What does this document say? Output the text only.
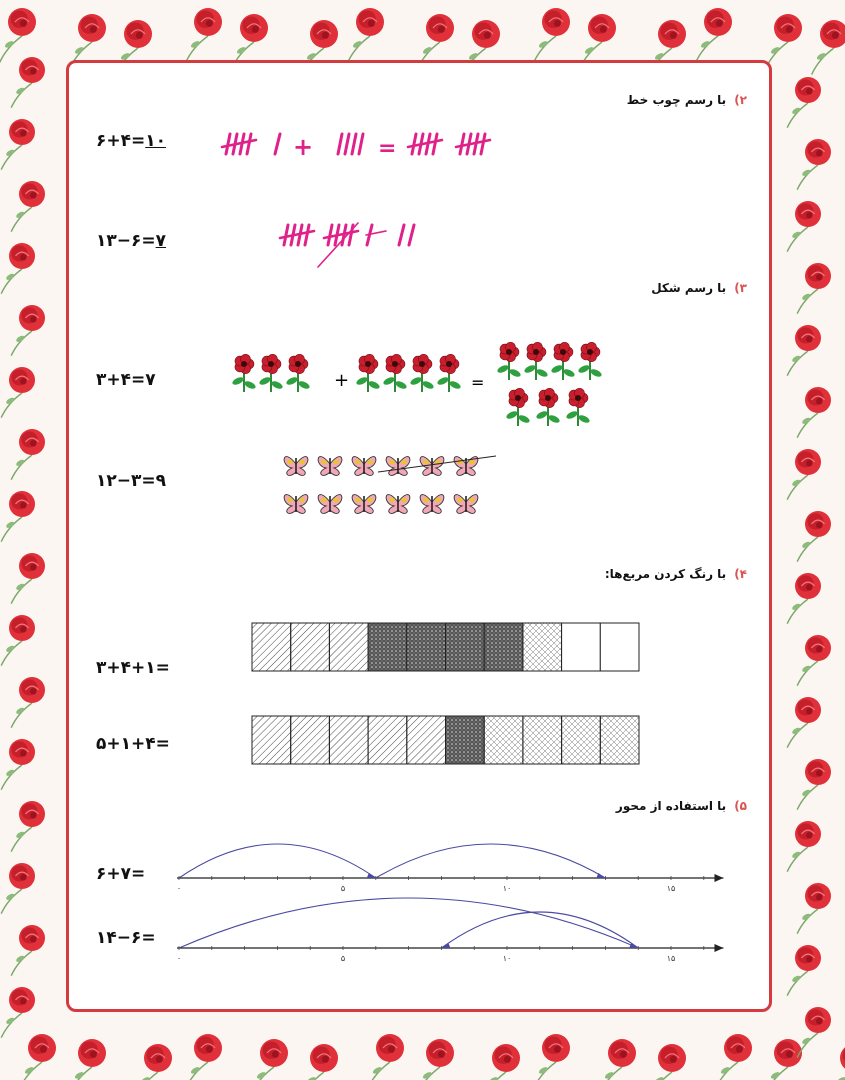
۲)با رسم چوب خط
۶+۴=۱۰	+	=
۱۳−۶=۷
۳)با رسم شکل
۳+۴=۷	+	=
۱۲−۳=۹
۴)با رنگ کردن مربع‌ها:
۳+۴+۱=
۵+۱+۴=
۵)با استفاده از محور
۶+۷=
۰	۵	۱۰	۱۵
۱۴−۶=
۰	۵	۱۰	۱۵
